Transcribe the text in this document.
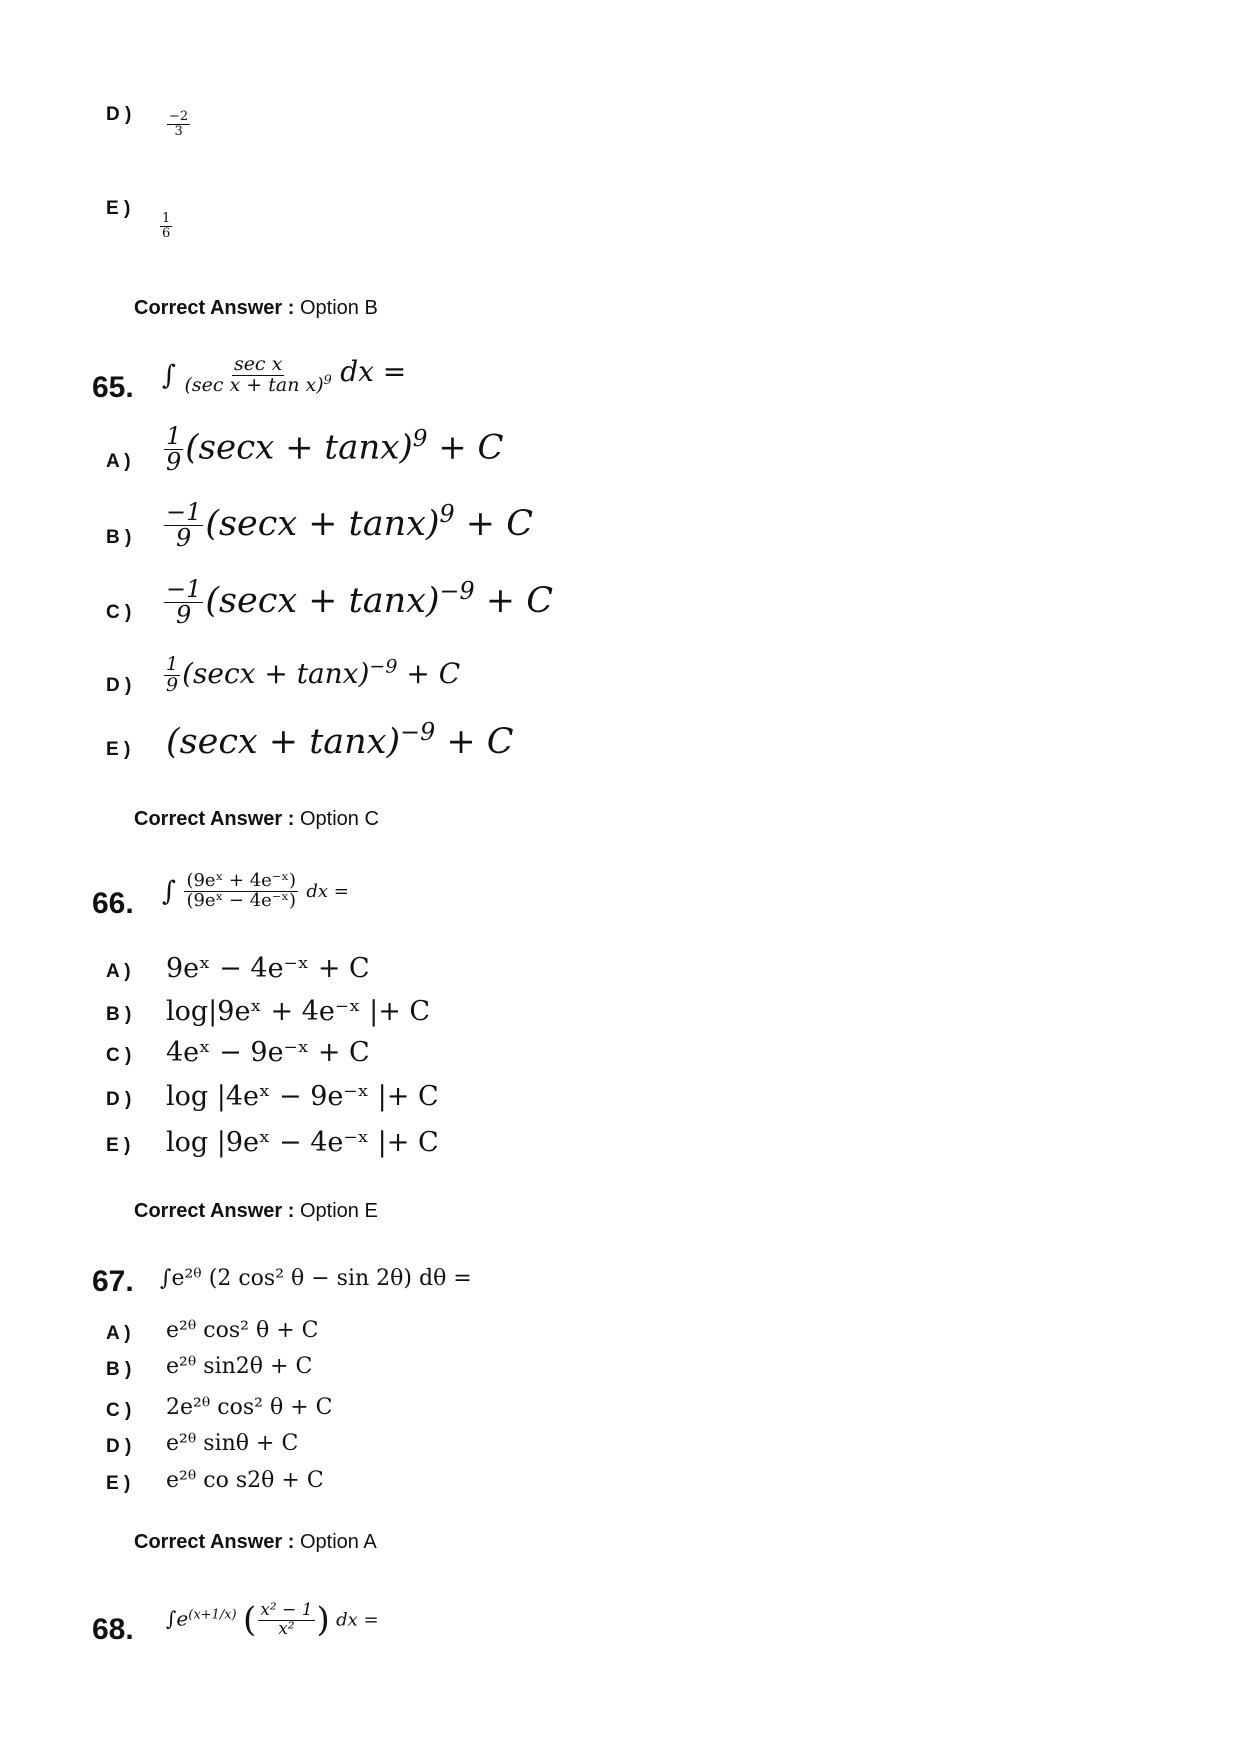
D )	$\frac{-2}{3}$
E )
$\frac{1}{6}$
Correct Answer : Option B
65. ∫ $\frac{\text{sec x}}{(\sec x + \tan x)^9}$ dx =
A ) $\frac{1}{9} (\sec x + \tan x)^9 + C$
B ) $\frac{-1}{9} (\sec x + \tan x)^9 + C$
C ) $\frac{-1}{9} (\sec x + \tan x)^{-9} + C$
D ) $\frac{1}{9} (\sec x + \tan x)^{-9} + C$
E ) $(\sec x + \tan x)^{-9} + C$
Correct Answer : Option C
66. ∫ $\frac{\text{(9eˣ + 4e⁻ˣ)}}{\text{(9eˣ − 4e⁻ˣ)}}$ dx =
A ) 9eˣ − 4e⁻ˣ + C
B ) log|9eˣ + 4e⁻ˣ |+ C
C ) 4eˣ − 9e⁻ˣ + C
D ) log |4eˣ − 9e⁻ˣ |+ C
E ) log |9eˣ − 4e⁻ˣ |+ C
Correct Answer : Option E
67. ∫e²ᶿ (2 cos² θ − sin 2θ) dθ =
A ) e²ᶿ cos² θ + C
B ) e²ᶿ sin2θ + C
C ) 2e²ᶿ cos² θ + C
D ) e²ᶿ sinθ + C
E ) e²ᶿ co s2θ + C
Correct Answer : Option A
68. $\int e^{(x+1/x)}$ ( $\frac{\text{x² − 1}}{\text{x²}}$ ) dx =
